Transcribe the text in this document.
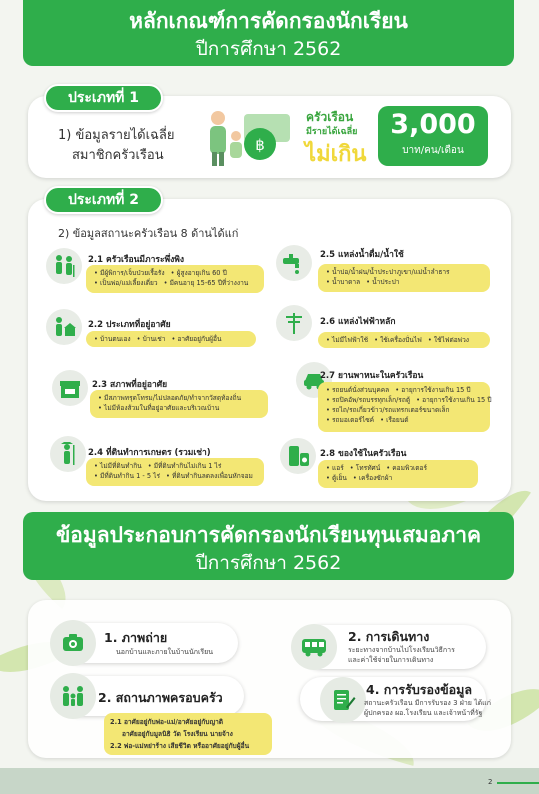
หลักเกณฑ์การคัดกรองนักเรียน
ปีการศึกษา 2562
ประเภทที่ 1
1) ข้อมูลรายได้เฉลี่ย
สมาชิกครัวเรือน
฿
ครัวเรือน
มีรายได้เฉลี่ย
ไม่เกิน
3,000
บาท/คน/เดือน
ประเภทที่ 2
2) ข้อมูลสถานะครัวเรือน 8 ด้านได้แก่
2.1 ครัวเรือนมีภาระพึ่งพิง
• มีผู้พิการ/เจ็บป่วยเรื้อรัง	• ผู้สูงอายุเกิน 60 ปี
• เป็นพ่อ/แม่เลี้ยงเดี่ยว	• มีคนอายุ 15-65 ปีที่ว่างงาน
2.2 ประเภทที่อยู่อาศัย
• บ้านตนเอง	• บ้านเช่า	• อาศัยอยู่กับผู้อื่น
2.3 สภาพที่อยู่อาศัย
• มีสภาพทรุดโทรม/ไม่ปลอดภัย/ทำจากวัสดุท้องถิ่น
• ไม่มีห้องส้วมในที่อยู่อาศัยและบริเวณบ้าน
2.4 ที่ดินทำการเกษตร (รวมเช่า)
• ไม่มีที่ดินทำกิน	• มีที่ดินทำกินไม่เกิน 1 ไร่
• มีที่ดินทำกิน 1 - 5 ไร่	• ที่ดินทำกินลดลงเพื่อนหักจอม
2.5 แหล่งน้ำดื่ม/น้ำใช้
• น้ำบ่อ/น้ำฝน/น้ำประปาภูเขา/แม่น้ำลำธาร
• น้ำบาดาล	• น้ำประปา
2.6 แหล่งไฟฟ้าหลัก
• ไม่มีไฟฟ้าใช้	• ใช้เครื่องปั่นไฟ	• ใช้ไฟต่อพ่วง
2.7 ยานพาหนะในครัวเรือน
• รถยนต์นั่งส่วนบุคคล	• อายุการใช้งานเกิน 15 ปี
• รถปิคอัพ/รถบรรทุกเล็ก/รถตู้	• อายุการใช้งานเกิน 15 ปี
• รถไถ/รถเกี่ยวข้าว/รถแทรกเตอร์ขนาดเล็ก
• รถมอเตอร์ไซค์	• เรือยนต์
2.8 ของใช้ในครัวเรือน
• แอร์	• โทรทัศน์	• คอมพิวเตอร์
• ตู้เย็น	• เครื่องซักผ้า
ข้อมูลประกอบการคัดกรองนักเรียนทุนเสมอภาค
ปีการศึกษา 2562
1. ภาพถ่าย
นอกบ้านและภายในบ้านนักเรียน
2. การเดินทาง
ระยะทางจากบ้านไปโรงเรียนวิธีการ
และค่าใช้จ่ายในการเดินทาง
2. สถานภาพครอบครัว
2.1 อาศัยอยู่กับพ่อ-แม่/อาศัยอยู่กับญาติ
อาศัยอยู่กับมูลนิธิ วัด โรงเรียน นายจ้าง
2.2 พ่อ-แม่หย่าร้าง เสียชีวิต หรืออาศัยอยู่กับผู้อื่น
4. การรับรองข้อมูล
สถานะครัวเรือน มีการรับรอง 3 ฝ่าย ได้แก่
ผู้ปกครอง ผอ.โรงเรียน และเจ้าหน้าที่รัฐ
2
